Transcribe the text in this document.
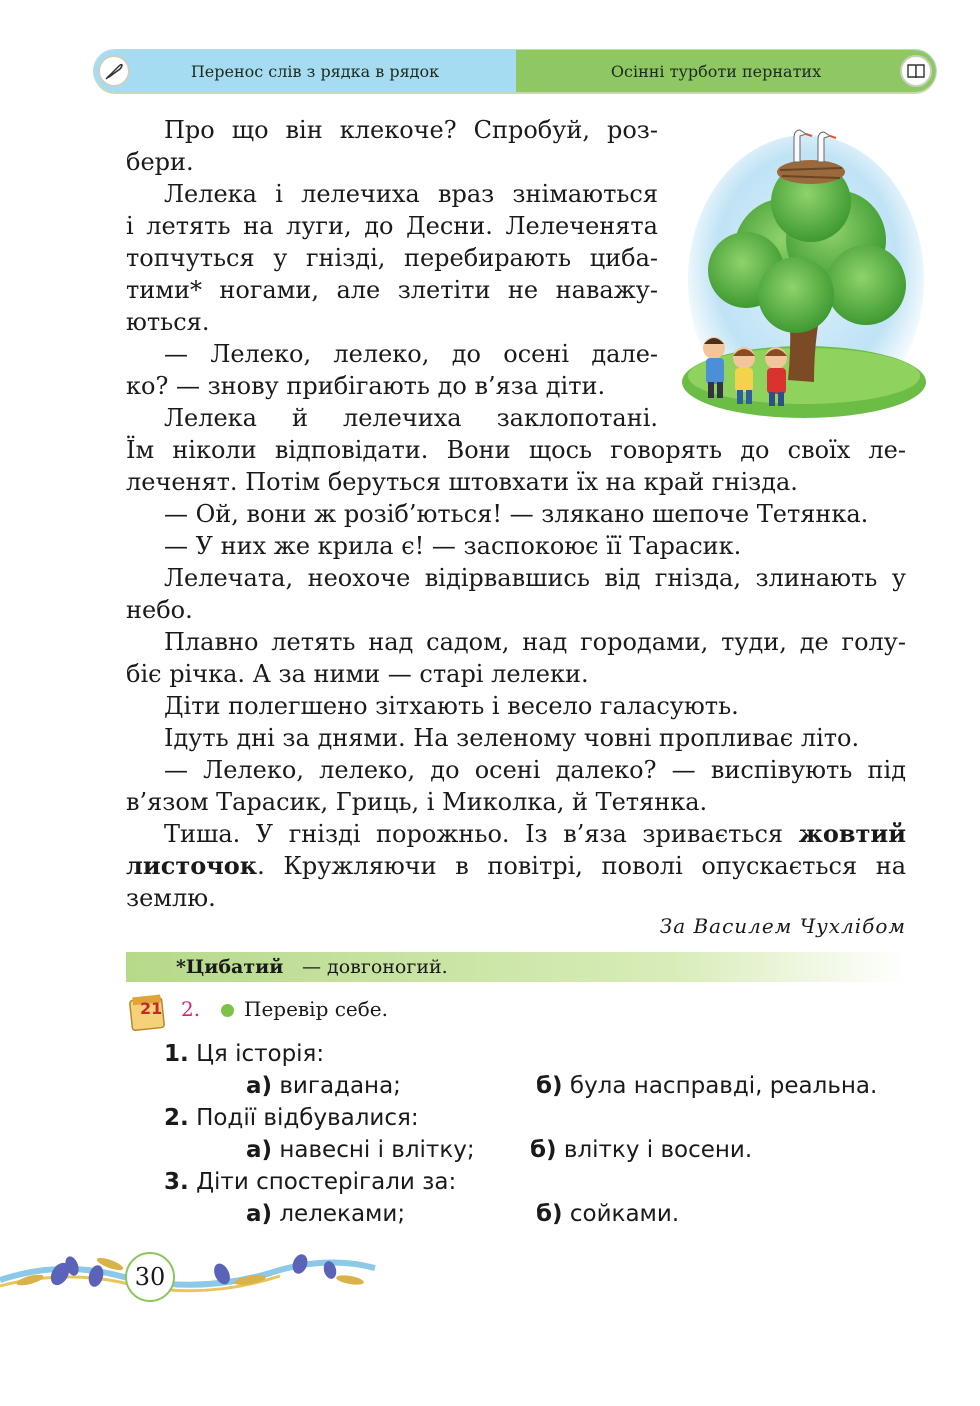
Перенос слів з рядка в рядок	Осінні турботи пернатих

Про що він клекоче? Спробуй, роз-

бери.

Лелека і лелечиха враз знімаються

і летять на луги, до Десни. Лелеченята

топчуться у гнізді, перебирають циба-

тими* ногами, але злетіти не наважу-

ються.

— Лелеко, лелеко, до осені дале-

ко? — знову прибігають до в’яза діти.

Лелека й лелечиха заклопотані.

Їм ніколи відповідати. Вони щось говорять до своїх ле-

леченят. Потім беруться штовхати їх на край гнізда.

— Ой, вони ж розіб’ються! — злякано шепоче Тетянка.

— У них же крила є! — заспокоює її Тарасик.

Лелечата, неохоче відірвавшись від гнізда, злинають у

небо.

Плавно летять над садом, над городами, туди, де голу-

біє річка. А за ними — старі лелеки.

Діти полегшено зітхають і весело галасують.

Ідуть дні за днями. На зеленому човні пропливає літо.

— Лелеко, лелеко, до осені далеко? — виспівують під

в’язом Тарасик, Гриць, і Миколка, й Тетянка.

Тиша. У гнізді порожньо. Із в’яза зривається жовтий

листочок. Кружляючи в повітрі, поволі опускається на

землю.

За Василем Чухлібом
*Цибатий — довгоногий.
21 2. Перевір себе.
1. Ця історія:
а) вигадана;	б) була насправді, реальна.
2. Події відбувалися:
а) навесні і влітку; б) влітку і восени.
3. Діти спостерігали за:
а) лелеками;	б) сойками.
30
